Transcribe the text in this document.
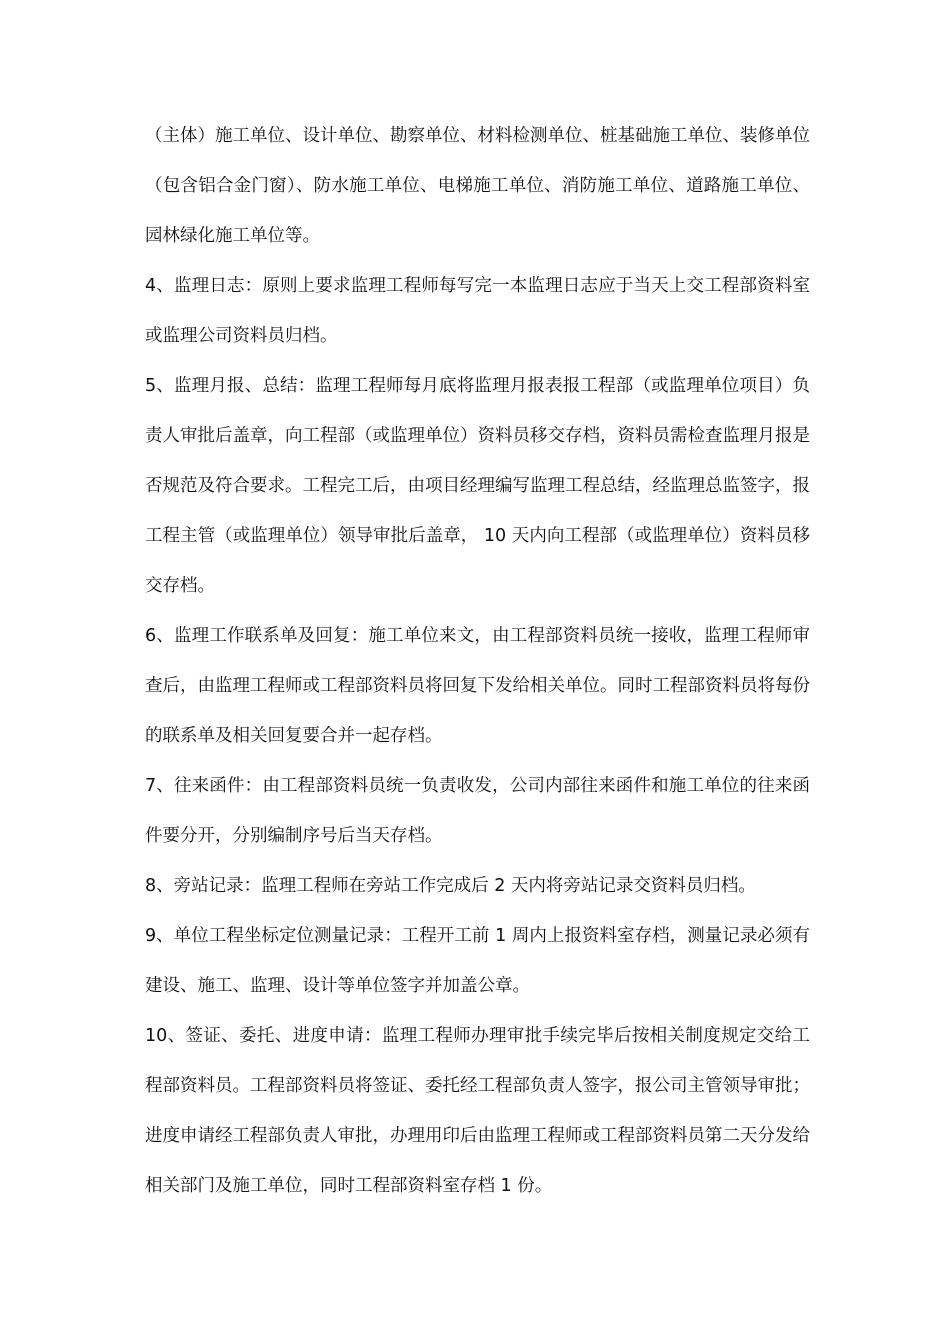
（主体）施工单位、设计单位、勘察单位、材料检测单位、桩基础施工单位、装修单位（包含铝合金门窗）、防水施工单位、电梯施工单位、消防施工单位、道路施工单位、园林绿化施工单位等。

4、监理日志：原则上要求监理工程师每写完一本监理日志应于当天上交工程部资料室或监理公司资料员归档。

5、监理月报、总结：监理工程师每月底将监理月报表报工程部（或监理单位项目）负责人审批后盖章，向工程部（或监理单位）资料员移交存档，资料员需检查监理月报是否规范及符合要求。工程完工后，由项目经理编写监理工程总结，经监理总监签字，报工程主管（或监理单位）领导审批后盖章， 10 天内向工程部（或监理单位）资料员移交存档。

6、监理工作联系单及回复：施工单位来文，由工程部资料员统一接收，监理工程师审查后，由监理工程师或工程部资料员将回复下发给相关单位。同时工程部资料员将每份的联系单及相关回复要合并一起存档。

7、往来函件：由工程部资料员统一负责收发，公司内部往来函件和施工单位的往来函件要分开，分别编制序号后当天存档。

8、旁站记录：监理工程师在旁站工作完成后 2 天内将旁站记录交资料员归档。

9、单位工程坐标定位测量记录：工程开工前 1 周内上报资料室存档，测量记录必须有建设、施工、监理、设计等单位签字并加盖公章。

10、签证、委托、进度申请：监理工程师办理审批手续完毕后按相关制度规定交给工程部资料员。工程部资料员将签证、委托经工程部负责人签字，报公司主管领导审批；进度申请经工程部负责人审批，办理用印后由监理工程师或工程部资料员第二天分发给相关部门及施工单位，同时工程部资料室存档 1 份。
